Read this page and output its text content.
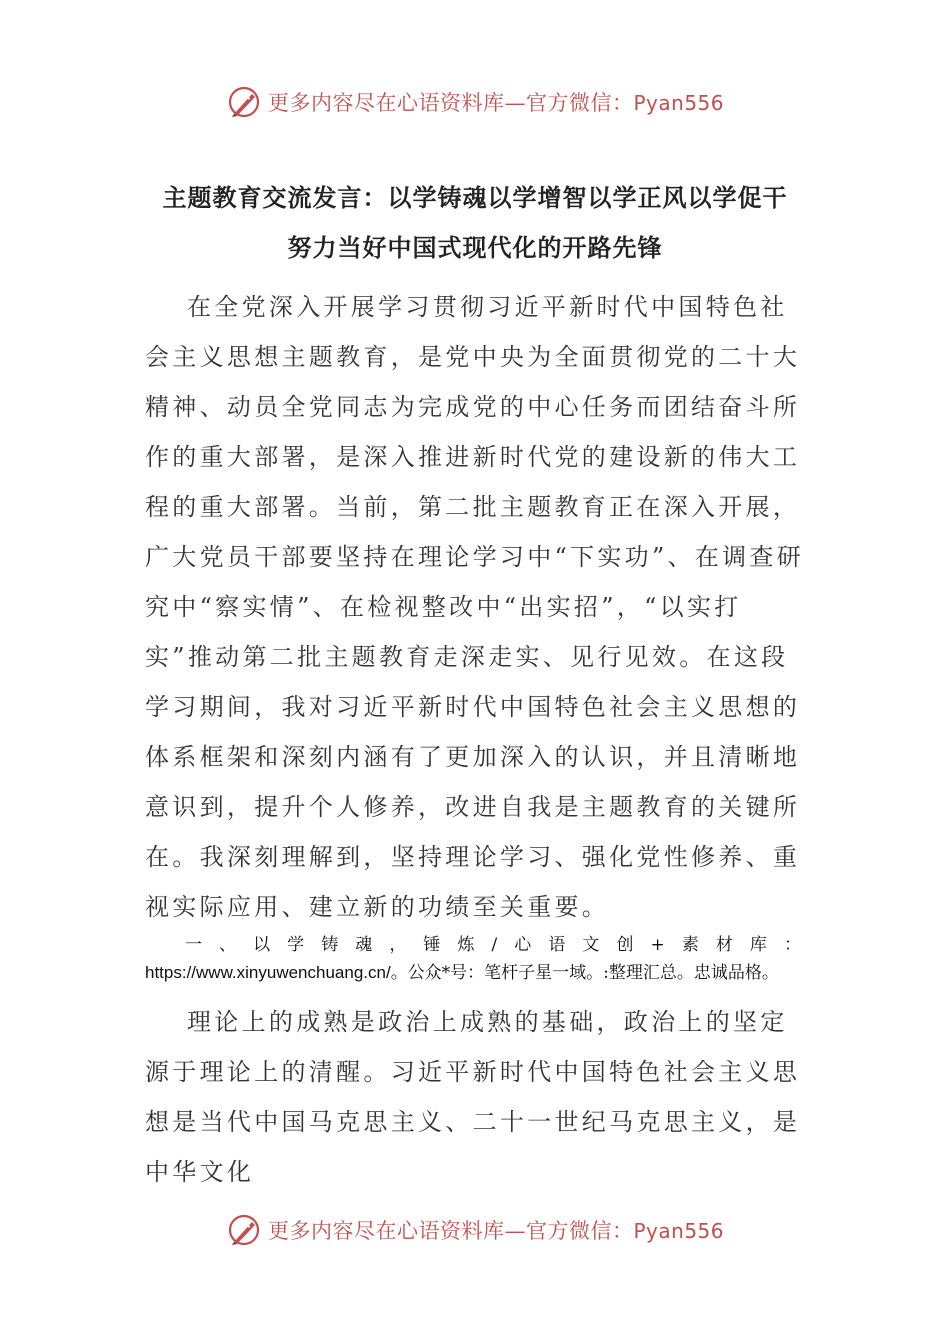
更多内容尽在心语资料库—官方微信：Pyan556
主题教育交流发言：以学铸魂以学增智以学正风以学促干
努力当好中国式现代化的开路先锋

在全党深入开展学习贯彻习近平新时代中国特色社会主义思想主题教育，是党中央为全面贯彻党的二十大精神、动员全党同志为完成党的中心任务而团结奋斗所作的重大部署，是深入推进新时代党的建设新的伟大工程的重大部署。当前，第二批主题教育正在深入开展，广大党员干部要坚持在理论学习中“下实功”、在调查研究中“察实情”、在检视整改中“出实招”，“以实打实”推动第二批主题教育走深走实、见行见效。在这段学习期间，我对习近平新时代中国特色社会主义思想的体系框架和深刻内涵有了更加深入的认识，并且清晰地意识到，提升个人修养，改进自我是主题教育的关键所在。我深刻理解到，坚持理论学习、强化党性修养、重视实际应用、建立新的功绩至关重要。

一、以学铸魂，锤炼/心语文创+素材库：https://www.xinyuwenchuang.cn/。公众*号：笔杆子星一域。:整理汇总。忠诚品格。

理论上的成熟是政治上成熟的基础，政治上的坚定源于理论上的清醒。习近平新时代中国特色社会主义思想是当代中国马克思主义、二十一世纪马克思主义，是中华文化

更多内容尽在心语资料库—官方微信：Pyan556
